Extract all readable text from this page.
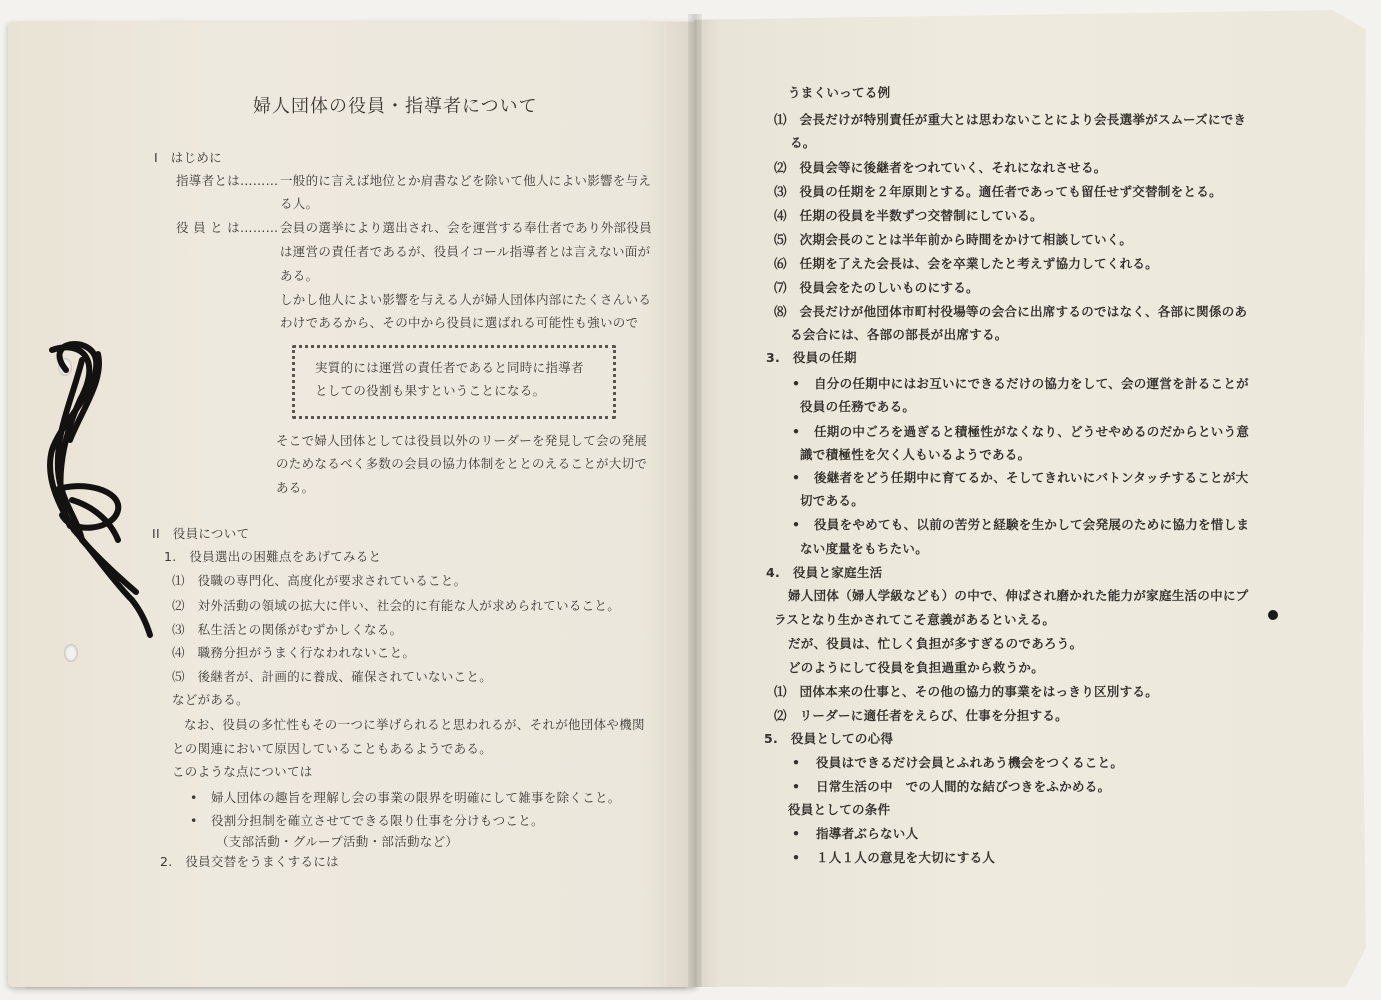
婦人団体の役員・指導者について
I　はじめに
指導者とは……… 一般的に言えば地位とか肩書などを除いて他人によい影響を与え
る人。
役 員 と は……… 会員の選挙により選出され、会を運営する奉仕者であり外部役員
は運営の責任者であるが、役員イコール指導者とは言えない面が
ある。
しかし他人によい影響を与える人が婦人団体内部にたくさんいる
わけであるから、その中から役員に選ばれる可能性も強いので
実質的には運営の責任者であると同時に指導者
としての役割も果すということになる。
そこで婦人団体としては役員以外のリーダーを発見して会の発展
のためなるべく多数の会員の協力体制をととのえることが大切で
ある。
II　役員について
1.　役員選出の困難点をあげてみると
⑴　役職の専門化、高度化が要求されていること。
⑵　対外活動の領域の拡大に伴い、社会的に有能な人が求められていること。
⑶　私生活との関係がむずかしくなる。
⑷　職務分担がうまく行なわれないこと。
⑸　後継者が、計画的に養成、確保されていないこと。
などがある。
なお、役員の多忙性もその一つに挙げられると思われるが、それが他団体や機関
との関連において原因していることもあるようである。
このような点については
• 婦人団体の趣旨を理解し会の事業の限界を明確にして雑事を除くこと。
• 役割分担制を確立させてできる限り仕事を分けもつこと。
（支部活動・グループ活動・部活動など）
2.　役員交替をうまくするには
うまくいってる例
⑴　会長だけが特別責任が重大とは思わないことにより会長選挙がスムーズにでき
る。
⑵　役員会等に後継者をつれていく、それになれさせる。
⑶　役員の任期を２年原則とする。適任者であっても留任せず交替制をとる。
⑷　任期の役員を半数ずつ交替制にしている。
⑸　次期会長のことは半年前から時間をかけて相談していく。
⑹　任期を了えた会長は、会を卒業したと考えず協力してくれる。
⑺　役員会をたのしいものにする。
⑻　会長だけが他団体市町村役場等の会合に出席するのではなく、各部に関係のあ
る会合には、各部の部長が出席する。
3.　役員の任期
• 自分の任期中にはお互いにできるだけの協力をして、会の運営を計ることが
役員の任務である。
• 任期の中ごろを過ぎると積極性がなくなり、どうせやめるのだからという意
識で積極性を欠く人もいるようである。
• 後継者をどう任期中に育てるか、そしてきれいにバトンタッチすることが大
切である。
• 役員をやめても、以前の苦労と経験を生かして会発展のために協力を惜しま
ない度量をもちたい。
4.　役員と家庭生活
婦人団体（婦人学級なども）の中で、伸ばされ磨かれた能力が家庭生活の中にプ
ラスとなり生かされてこそ意義があるといえる。
だが、役員は、忙しく負担が多すぎるのであろう。
どのようにして役員を負担過重から救うか。
⑴　団体本来の仕事と、その他の協力的事業をはっきり区別する。
⑵　リーダーに適任者をえらび、仕事を分担する。
5.　役員としての心得
• 役員はできるだけ会員とふれあう機会をつくること。
• 日常生活の中　での人間的な結びつきをふかめる。
役員としての条件
• 指導者ぶらない人
• １人１人の意見を大切にする人
